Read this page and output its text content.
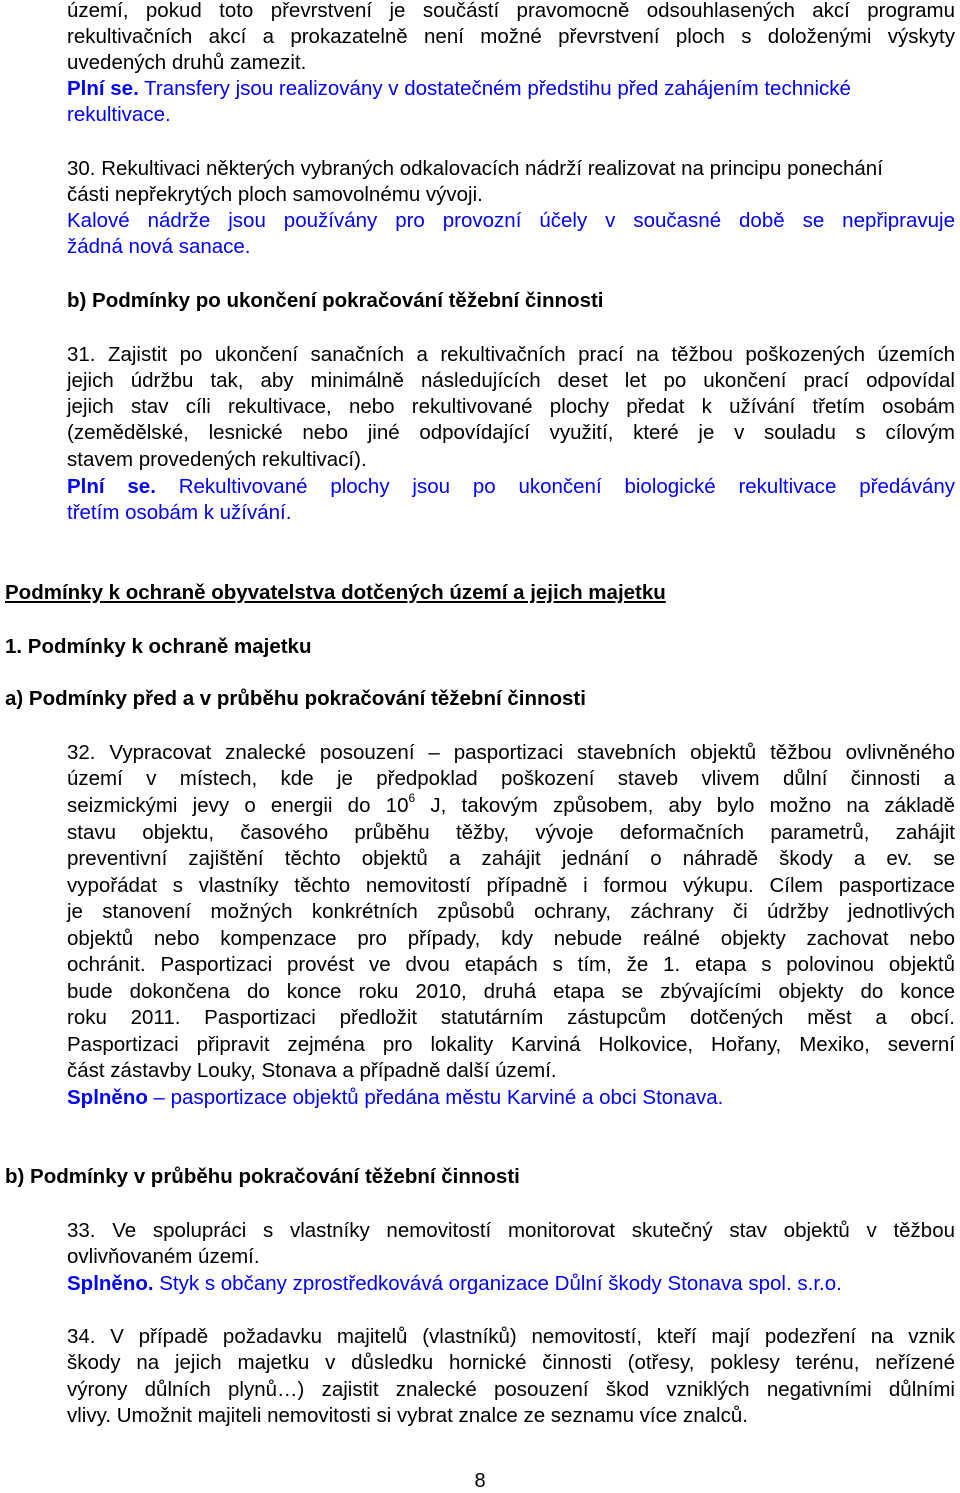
území, pokud toto převrstvení je součástí pravomocně odsouhlasených akcí programu
rekultivačních akcí a prokazatelně není možné převrstvení ploch s doloženými výskyty
uvedených druhů zamezit.
Plní se. Transfery jsou realizovány v dostatečném předstihu před zahájením technické
rekultivace.
30. Rekultivaci některých vybraných odkalovacích nádrží realizovat na principu ponechání
části nepřekrytých ploch samovolnému vývoji.
Kalové nádrže jsou používány pro provozní účely v současné době se nepřipravuje
žádná nová sanace.
b) Podmínky po ukončení pokračování těžební činnosti
31. Zajistit po ukončení sanačních a rekultivačních prací na těžbou poškozených územích
jejich údržbu tak, aby minimálně následujících deset let po ukončení prací odpovídal
jejich stav cíli rekultivace, nebo rekultivované plochy předat k užívání třetím osobám
(zemědělské, lesnické nebo jiné odpovídající využití, které je v souladu s cílovým
stavem provedených rekultivací).
Plní se. Rekultivované plochy jsou po ukončení biologické rekultivace předávány
třetím osobám k užívání.
Podmínky k ochraně obyvatelstva dotčených území a jejich majetku
1. Podmínky k ochraně majetku
a) Podmínky před a v průběhu pokračování těžební činnosti
32. Vypracovat znalecké posouzení – pasportizaci stavebních objektů těžbou ovlivněného
území v místech, kde je předpoklad poškození staveb vlivem důlní činnosti a
seizmickými jevy o energii do $10^6$ J, takovým způsobem, aby bylo možno na základě
stavu objektu, časového průběhu těžby, vývoje deformačních parametrů, zahájit
preventivní zajištění těchto objektů a zahájit jednání o náhradě škody a ev. se
vypořádat s vlastníky těchto nemovitostí případně i formou výkupu. Cílem pasportizace
je stanovení možných konkrétních způsobů ochrany, záchrany či údržby jednotlivých
objektů nebo kompenzace pro případy, kdy nebude reálné objekty zachovat nebo
ochránit. Pasportizaci provést ve dvou etapách s tím, že 1. etapa s polovinou objektů
bude dokončena do konce roku 2010, druhá etapa se zbývajícími objekty do konce
roku 2011. Pasportizaci předložit statutárním zástupcům dotčených měst a obcí.
Pasportizaci připravit zejména pro lokality Karviná Holkovice, Hořany, Mexiko, severní
část zástavby Louky, Stonava a případně další území.
Splněno – pasportizace objektů předána městu Karviné a obci Stonava.
b) Podmínky v průběhu pokračování těžební činnosti
33. Ve spolupráci s vlastníky nemovitostí monitorovat skutečný stav objektů v těžbou
ovlivňovaném území.
Splněno. Styk s občany zprostředkovává organizace Důlní škody Stonava spol. s.r.o.
34. V případě požadavku majitelů (vlastníků) nemovitostí, kteří mají podezření na vznik
škody na jejich majetku v důsledku hornické činnosti (otřesy, poklesy terénu, neřízené
výrony důlních plynů…) zajistit znalecké posouzení škod vzniklých negativními důlními
vlivy. Umožnit majiteli nemovitosti si vybrat znalce ze seznamu více znalců.
8
